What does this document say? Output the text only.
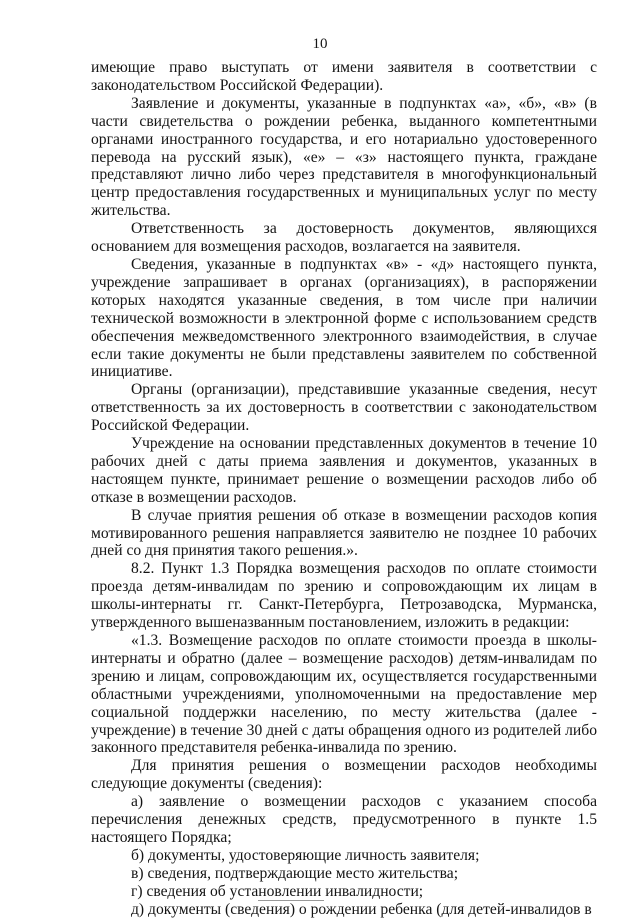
10

имеющие право выступать от имени заявителя в соответствии с законодательством Российской Федерации).

Заявление и документы, указанные в подпунктах «а», «б», «в» (в части свидетельства о рождении ребенка, выданного компетентными органами иностранного государства, и его нотариально удостоверенного перевода на русский язык), «е» – «з» настоящего пункта, граждане представляют лично либо через представителя в многофункциональный центр предоставления государственных и муниципальных услуг по месту жительства.

Ответственность за достоверность документов, являющихся основанием для возмещения расходов, возлагается на заявителя.

Сведения, указанные в подпунктах «в» - «д» настоящего пункта, учреждение запрашивает в органах (организациях), в распоряжении которых находятся указанные сведения, в том числе при наличии технической возможности в электронной форме с использованием средств обеспечения межведомственного электронного взаимодействия, в случае если такие документы не были представлены заявителем по собственной инициативе.

Органы (организации), представившие указанные сведения, несут ответственность за их достоверность в соответствии с законодательством Российской Федерации.

Учреждение на основании представленных документов в течение 10 рабочих дней с даты приема заявления и документов, указанных в настоящем пункте, принимает решение о возмещении расходов либо об отказе в возмещении расходов.

В случае приятия решения об отказе в возмещении расходов копия мотивированного решения направляется заявителю не позднее 10 рабочих дней со дня принятия такого решения.».

8.2. Пункт 1.3 Порядка возмещения расходов по оплате стоимости проезда детям-инвалидам по зрению и сопровождающим их лицам в школы-интернаты гг. Санкт-Петербурга, Петрозаводска, Мурманска, утвержденного вышеназванным постановлением, изложить в редакции:

«1.3. Возмещение расходов по оплате стоимости проезда в школы-интернаты и обратно (далее – возмещение расходов) детям-инвалидам по зрению и лицам, сопровождающим их, осуществляется государственными областными учреждениями, уполномоченными на предоставление мер социальной поддержки населению, по месту жительства (далее - учреждение) в течение 30 дней с даты обращения одного из родителей либо законного представителя ребенка-инвалида по зрению.

Для принятия решения о возмещении расходов необходимы следующие документы (сведения):

а) заявление о возмещении расходов с указанием способа перечисления денежных средств, предусмотренного в пункте 1.5 настоящего Порядка;

б) документы, удостоверяющие личность заявителя;

в) сведения, подтверждающие место жительства;

г) сведения об установлении инвалидности;

д) документы (сведения) о рождении ребенка (для детей-инвалидов в
